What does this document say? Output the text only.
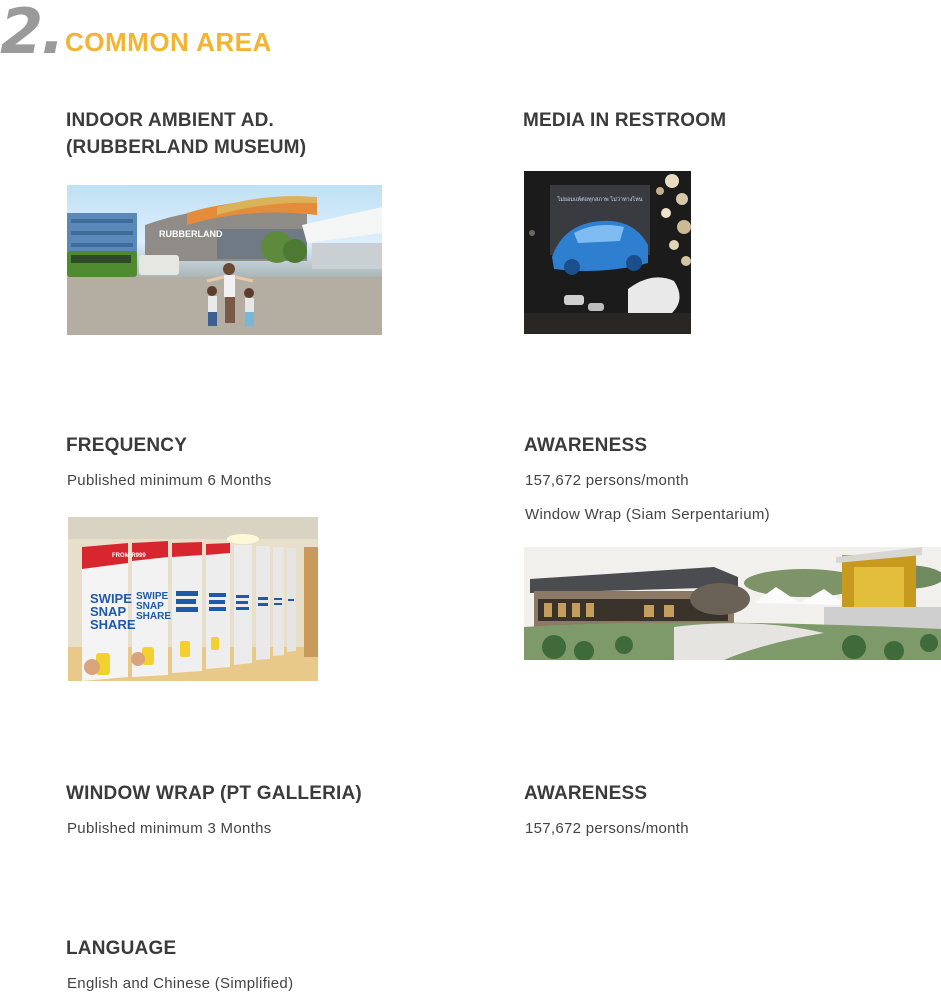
2. COMMON AREA
INDOOR AMBIENT AD.
(RUBBERLAND MUSEUM)
RUBBERLAND
MEDIA IN RESTROOM
ไม่ยอมแพ้ต่อทุกสภาพ ไม่ว่าทางไหน
FREQUENCY
Published minimum 6 Months
FROM R999
SWIPE
SNAP
SHARE
SWIPE
SNAP
SHARE
AWARENESS
157,672 persons/month
Window Wrap (Siam Serpentarium)
WINDOW WRAP (PT GALLERIA)
Published minimum 3 Months
AWARENESS
157,672 persons/month
LANGUAGE
English and Chinese (Simplified)
